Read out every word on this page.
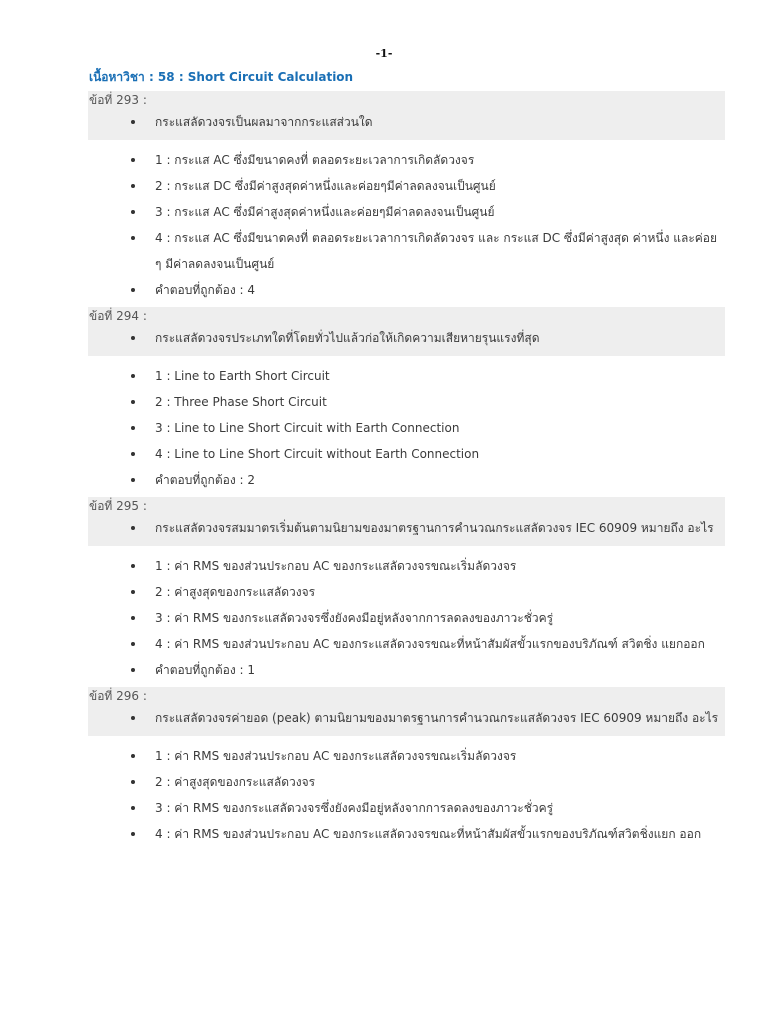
-1-
เนื้อหาวิชา : 58 : Short Circuit Calculation
ข้อที่ 293 :
กระแสลัดวงจรเป็นผลมาจากกระแสส่วนใด
1 : กระแส AC ซึ่งมีขนาดคงที่ ตลอดระยะเวลาการเกิดลัดวงจร
2 : กระแส DC ซึ่งมีค่าสูงสุดค่าหนึ่งและค่อยๆมีค่าลดลงจนเป็นศูนย์
3 : กระแส AC ซึ่งมีค่าสูงสุดค่าหนึ่งและค่อยๆมีค่าลดลงจนเป็นศูนย์
4 : กระแส AC ซึ่งมีขนาดคงที่ ตลอดระยะเวลาการเกิดลัดวงจร และ กระแส DC ซึ่งมีค่าสูงสุด ค่าหนึ่ง และค่อย ๆ มีค่าลดลงจนเป็นศูนย์
คำตอบที่ถูกต้อง : 4
ข้อที่ 294 :
กระแสลัดวงจรประเภทใดที่โดยทั่วไปแล้วก่อให้เกิดความเสียหายรุนแรงที่สุด
1 : Line to Earth Short Circuit
2 : Three Phase Short Circuit
3 : Line to Line Short Circuit with Earth Connection
4 : Line to Line Short Circuit without Earth Connection
คำตอบที่ถูกต้อง : 2
ข้อที่ 295 :
กระแสลัดวงจรสมมาตรเริ่มต้นตามนิยามของมาตรฐานการคำนวณกระแสลัดวงจร IEC 60909 หมายถึง อะไร
1 : ค่า RMS ของส่วนประกอบ AC ของกระแสลัดวงจรขณะเริ่มลัดวงจร
2 : ค่าสูงสุดของกระแสลัดวงจร
3 : ค่า RMS ของกระแสลัดวงจรซึ่งยังคงมีอยู่หลังจากการลดลงของภาวะชั่วครู่
4 : ค่า RMS ของส่วนประกอบ AC ของกระแสลัดวงจรขณะที่หน้าสัมผัสขั้วแรกของบริภัณฑ์ สวิตชิ่ง แยกออก
คำตอบที่ถูกต้อง : 1
ข้อที่ 296 :
กระแสลัดวงจรค่ายอด (peak) ตามนิยามของมาตรฐานการคำนวณกระแสลัดวงจร IEC 60909 หมายถึง อะไร
1 : ค่า RMS ของส่วนประกอบ AC ของกระแสลัดวงจรขณะเริ่มลัดวงจร
2 : ค่าสูงสุดของกระแสลัดวงจร
3 : ค่า RMS ของกระแสลัดวงจรซึ่งยังคงมีอยู่หลังจากการลดลงของภาวะชั่วครู่
4 : ค่า RMS ของส่วนประกอบ AC ของกระแสลัดวงจรขณะที่หน้าสัมผัสขั้วแรกของบริภัณฑ์สวิตชิ่งแยก ออก
